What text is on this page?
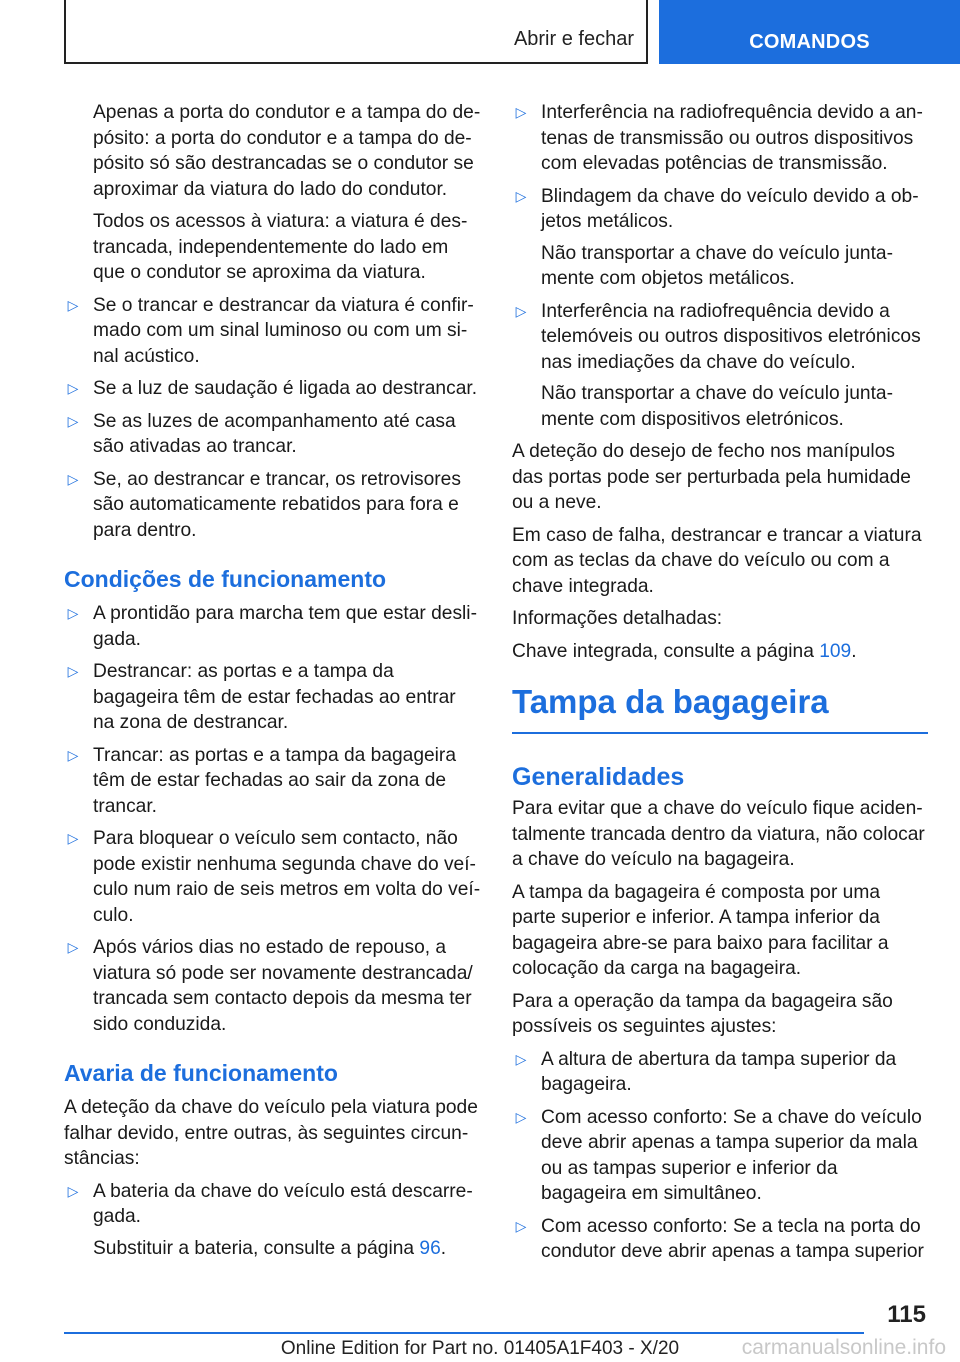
Abrir e fechar	COMANDOS

Apenas a porta do condutor e a tampa do depósito: a porta do condutor e a tampa do depósito só são destrancadas se o condutor se aproximar da viatura do lado do condutor.

Todos os acessos à viatura: a viatura é destrancada, independentemente do lado em que o condutor se aproxima da viatura.

▷ Se o trancar e destrancar da viatura é confirmado com um sinal luminoso ou com um sinal acústico.
▷ Se a luz de saudação é ligada ao destrancar.
▷ Se as luzes de acompanhamento até casa são ativadas ao trancar.
▷ Se, ao destrancar e trancar, os retrovisores são automaticamente rebatidos para fora e para dentro.
Condições de funcionamento
▷ A prontidão para marcha tem que estar desligada.
▷ Destrancar: as portas e a tampa da bagageira têm de estar fechadas ao entrar na zona de destrancar.
▷ Trancar: as portas e a tampa da bagageira têm de estar fechadas ao sair da zona de trancar.
▷ Para bloquear o veículo sem contacto, não pode existir nenhuma segunda chave do veículo num raio de seis metros em volta do veículo.
▷ Após vários dias no estado de repouso, a viatura só pode ser novamente destrancada/ trancada sem contacto depois da mesma ter sido conduzida.
Avaria de funcionamento

A deteção da chave do veículo pela viatura pode falhar devido, entre outras, às seguintes circunstâncias:

▷ A bateria da chave do veículo está descarregada.
Substituir a bateria, consulte a página 96.
▷ Interferência na radiofrequência devido a antenas de transmissão ou outros dispositivos com elevadas potências de transmissão.
▷ Blindagem da chave do veículo devido a objetos metálicos.
Não transportar a chave do veículo juntamente com objetos metálicos.
▷ Interferência na radiofrequência devido a telemóveis ou outros dispositivos eletrónicos nas imediações da chave do veículo.
Não transportar a chave do veículo juntamente com dispositivos eletrónicos.

A deteção do desejo de fecho nos manípulos das portas pode ser perturbada pela humidade ou a neve.

Em caso de falha, destrancar e trancar a viatura com as teclas da chave do veículo ou com a chave integrada.

Informações detalhadas:

Chave integrada, consulte a página 109.

Tampa da bagageira
Generalidades

Para evitar que a chave do veículo fique acidentalmente trancada dentro da viatura, não colocar a chave do veículo na bagageira.

A tampa da bagageira é composta por uma parte superior e inferior. A tampa inferior da bagageira abre-se para baixo para facilitar a colocação da carga na bagageira.

Para a operação da tampa da bagageira são possíveis os seguintes ajustes:

▷ A altura de abertura da tampa superior da bagageira.
▷ Com acesso conforto: Se a chave do veículo deve abrir apenas a tampa superior da mala ou as tampas superior e inferior da bagageira em simultâneo.
▷ Com acesso conforto: Se a tecla na porta do condutor deve abrir apenas a tampa superior
115
Online Edition for Part no. 01405A1F403 - X/20	carmanualsonline.info
